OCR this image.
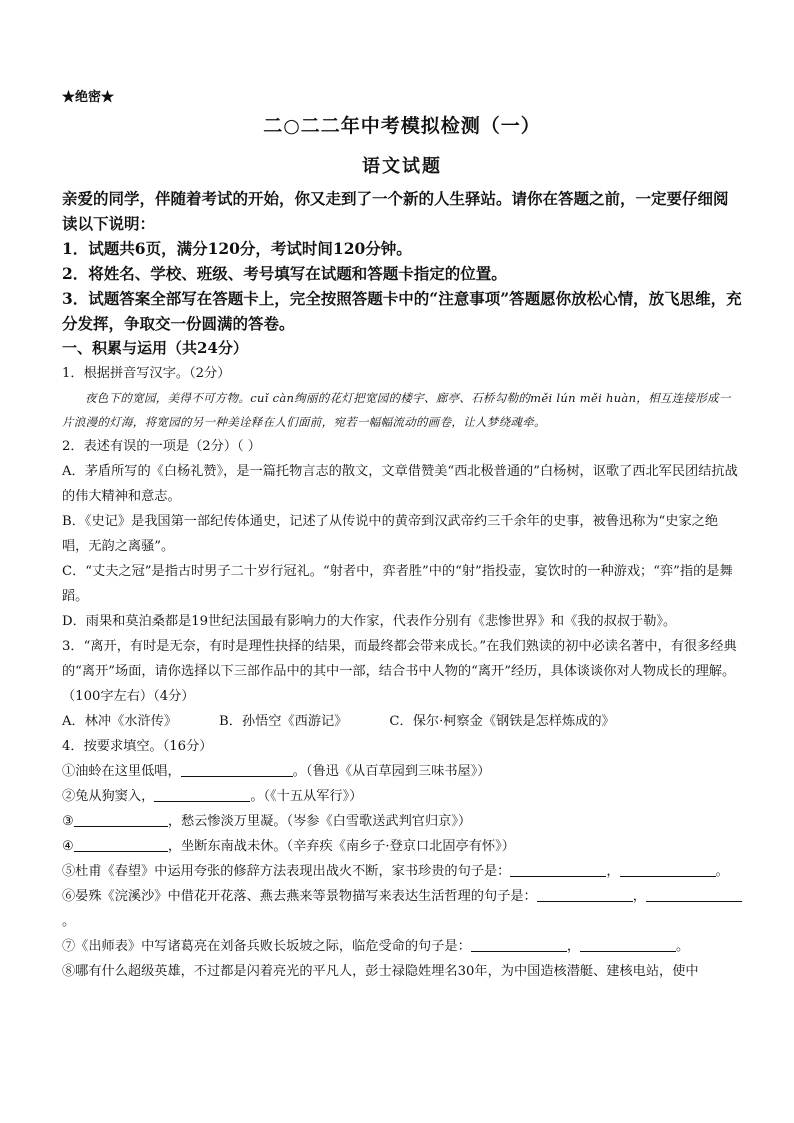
★绝密★
二○二二年中考模拟检测（一）
语文试题

亲爱的同学，伴随着考试的开始，你又走到了一个新的人生驿站。请你在答题之前，一定要仔细阅读以下说明：

1．试题共6页，满分120分，考试时间120分钟。

2．将姓名、学校、班级、考号填写在试题和答题卡指定的位置。

3．试题答案全部写在答题卡上，完全按照答题卡中的“注意事项”答题愿你放松心情，放飞思维，充分发挥，争取交一份圆满的答卷。

一、积累与运用（共24分）

1．根据拼音写汉字。（2分）

夜色下的宽园，美得不可方物。cuǐ càn绚丽的花灯把宽园的楼宇、廊亭、石桥勾勒的měi lún měi huàn，相互连接形成一片浪漫的灯海，将宽园的另一种美诠释在人们面前，宛若一幅幅流动的画卷，让人梦绕魂牵。

2．表述有误的一项是（2分）（ ）

A．茅盾所写的《白杨礼赞》，是一篇托物言志的散文，文章借赞美“西北极普通的”白杨树，讴歌了西北军民团结抗战的伟大精神和意志。

B．《史记》是我国第一部纪传体通史，记述了从传说中的黄帝到汉武帝约三千余年的史事，被鲁迅称为“史家之绝唱，无韵之离骚”。

C．“丈夫之冠”是指古时男子二十岁行冠礼。“射者中，弈者胜”中的“射”指投壶，宴饮时的一种游戏；“弈”指的是舞蹈。

D．雨果和莫泊桑都是19世纪法国最有影响力的大作家，代表作分别有《悲惨世界》和《我的叔叔于勒》。

3．“离开，有时是无奈，有时是理性抉择的结果，而最终都会带来成长。”在我们熟读的初中必读名著中，有很多经典的“离开”场面，请你选择以下三部作品中的其中一部，结合书中人物的“离开”经历，具体谈谈你对人物成长的理解。（100字左右）（4分）

A．林冲《水浒传》	B．孙悟空《西游记》	C．保尔·柯察金《钢铁是怎样炼成的》

4．按要求填空。（16分）

①油蛉在这里低唱，	。（鲁迅《从百草园到三味书屋》）

②兔从狗窦入，	。（《十五从军行》）

③	，愁云惨淡万里凝。（岑参《白雪歌送武判官归京》）

④	，坐断东南战未休。（辛弃疾《南乡子·登京口北固亭有怀》）

⑤杜甫《春望》中运用夸张的修辞方法表现出战火不断，家书珍贵的句子是：	，	。

⑥晏殊《浣溪沙》中借花开花落、燕去燕来等景物描写来表达生活哲理的句子是：	，。

⑦《出师表》中写诸葛亮在刘备兵败长坂坡之际，临危受命的句子是：	，	。

⑧哪有什么超级英雄，不过都是闪着亮光的平凡人，彭士禄隐姓埋名30年，为中国造核潜艇、建核电站，使中
